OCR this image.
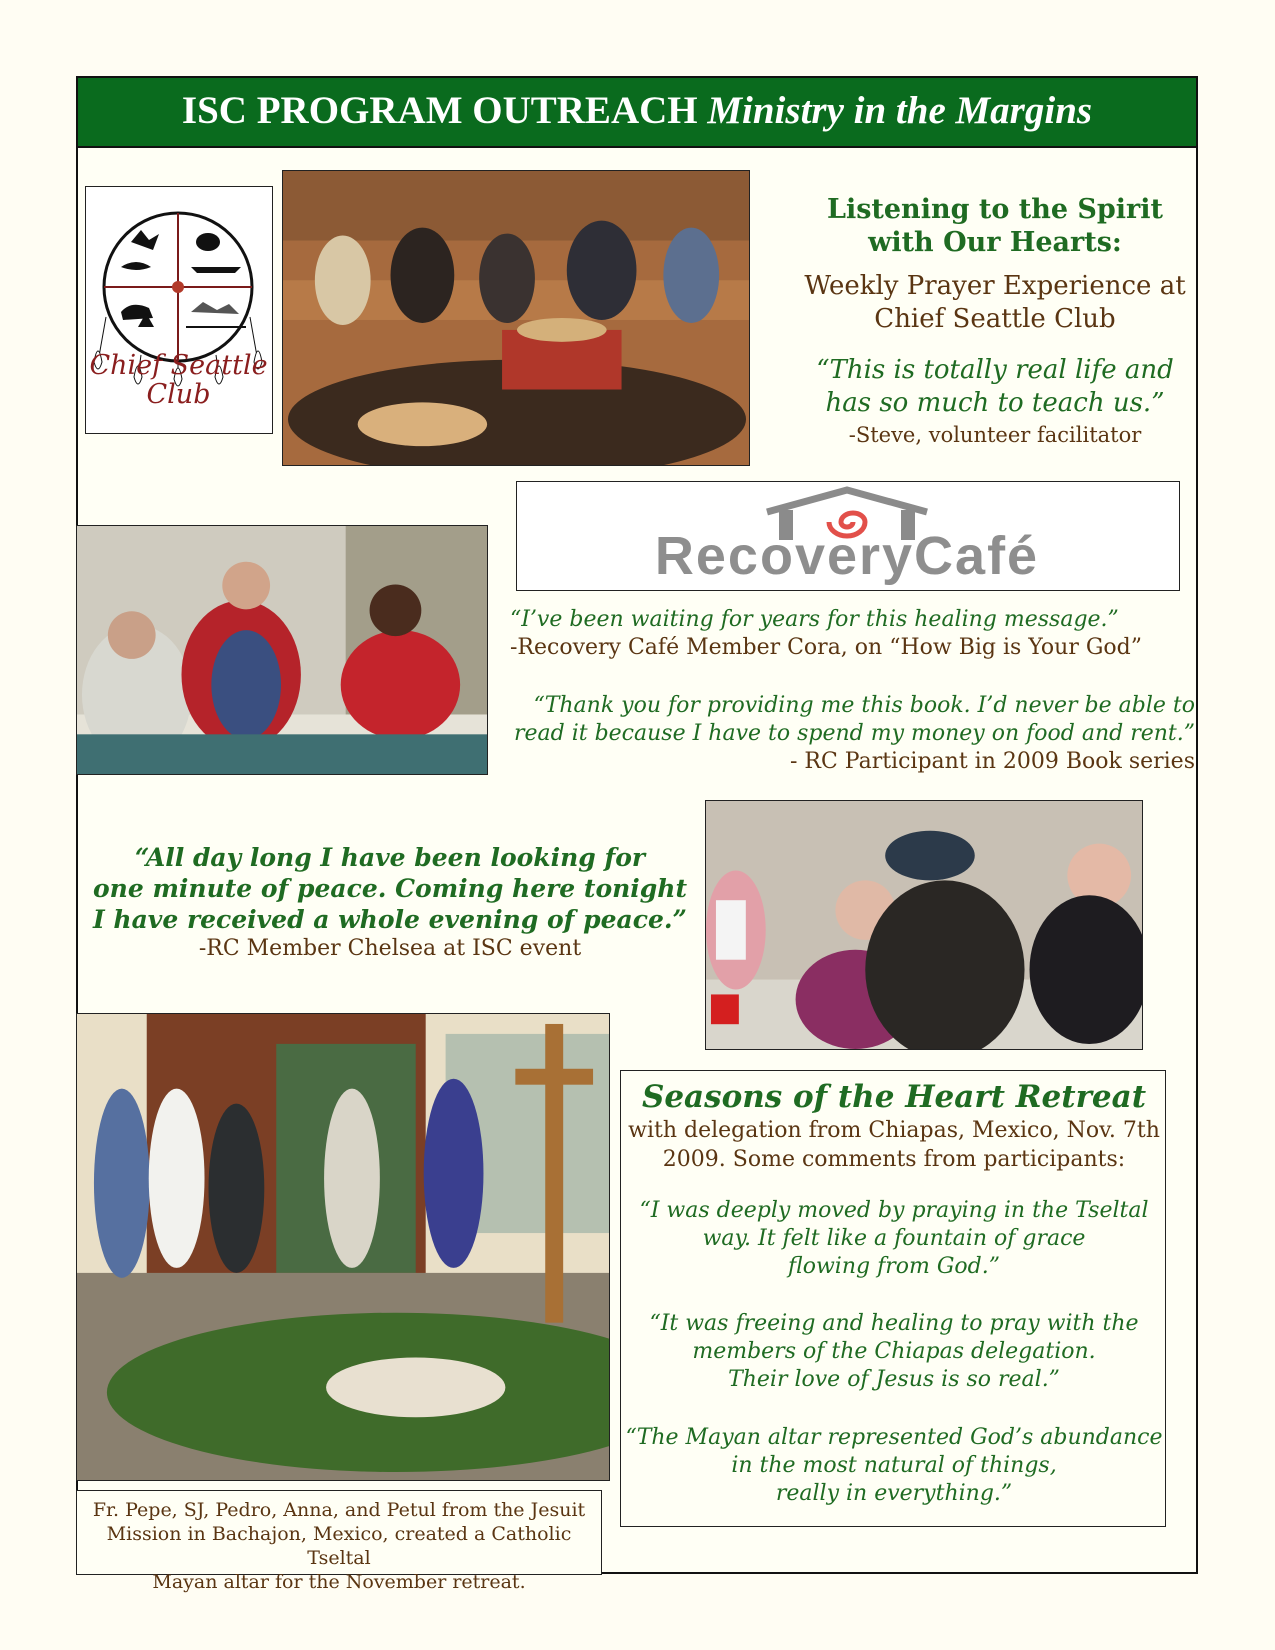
ISC PROGRAM OUTREACH Ministry in the Margins
Chief Seattle
Club
Listening to the Spirit
with Our Hearts:
Weekly Prayer Experience at
Chief Seattle Club
“This is totally real life and
has so much to teach us.”
-Steve, volunteer facilitator
RecoveryCafé
“I’ve been waiting for years for this healing message.”
-Recovery Café Member Cora, on “How Big is Your God”
“Thank you for providing me this book. I’d never be able to
read it because I have to spend my money on food and rent.”
- RC Participant in 2009 Book series
“All day long I have been looking for
one minute of peace. Coming here tonight
I have received a whole evening of peace.”
-RC Member Chelsea at ISC event
Fr. Pepe, SJ, Pedro, Anna, and Petul from the Jesuit
Mission in Bachajon, Mexico, created a Catholic Tseltal
Mayan altar for the November retreat.
Seasons of the Heart Retreat
with delegation from Chiapas, Mexico, Nov. 7th
2009. Some comments from participants:
“I was deeply moved by praying in the Tseltal
way. It felt like a fountain of grace
flowing from God.”
“It was freeing and healing to pray with the
members of the Chiapas delegation.
Their love of Jesus is so real.”
“The Mayan altar represented God’s abundance
in the most natural of things,
really in everything.”
